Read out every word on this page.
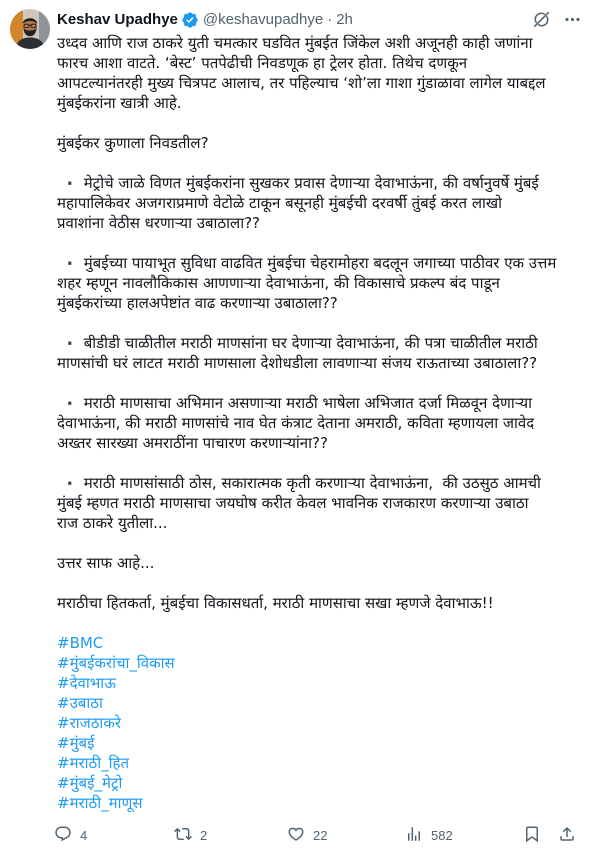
Keshav Upadhye @keshavupadhye · 2h
उध्दव आणि राज ठाकरे युती चमत्कार घडवित मुंबईत जिंकेल अशी अजूनही काही जणांना
फारच आशा वाटते. ‘बेस्ट’ पतपेढीची निवडणूक हा ट्रेलर होता. तिथेच दणकून
आपटल्यानंतरही मुख्य चित्रपट आलाच, तर पहिल्याच ‘शो’ला गाशा गुंडाळावा लागेल याबद्दल
मुंबईकरांना खात्री आहे.
मुंबईकर कुणाला निवडतील?
▪️ मेट्रोचे जाळे विणत मुंबईकरांना सुखकर प्रवास देणाऱ्या देवाभाऊंना, की वर्षानुवर्षे मुंबई
महापालिकेवर अजगराप्रमाणे वेटोळे टाकून बसूनही मुंबईची दरवर्षी तुंबई करत लाखो
प्रवाशांना वेठीस धरणाऱ्या उबाठाला??
▪️ मुंबईच्या पायाभूत सुविधा वाढवित मुंबईचा चेहरामोहरा बदलून जगाच्या पाठीवर एक उत्तम
शहर म्हणून नावलौकिकास आणणाऱ्या देवाभाऊंना, की विकासाचे प्रकल्प बंद पाडून
मुंबईकरांच्या हालअपेष्टांत वाढ करणाऱ्या उबाठाला??
▪️ बीडीडी चाळीतील मराठी माणसांना घर देणाऱ्या देवाभाऊंना, की पत्रा चाळीतील मराठी
माणसांची घरं लाटत मराठी माणसाला देशोधडीला लावणाऱ्या संजय राऊताच्या उबाठाला??
▪️ मराठी माणसाचा अभिमान असणाऱ्या मराठी भाषेला अभिजात दर्जा मिळवून देणाऱ्या
देवाभाऊंना, की मराठी माणसांचे नाव घेत कंत्राट देताना अमराठी, कविता म्हणायला जावेद
अख्तर सारख्या अमराठींना पाचारण करणाऱ्यांना??
▪️ मराठी माणसांसाठी ठोस, सकारात्मक कृती करणाऱ्या देवाभाऊंना,  की उठसुठ आमची
मुंबई म्हणत मराठी माणसाचा जयघोष करीत केवल भावनिक राजकारण करणाऱ्या उबाठा
राज ठाकरे युतीला...
उत्तर साफ आहे...
मराठीचा हितकर्ता, मुंबईचा विकासधर्ता, मराठी माणसाचा सखा म्हणजे देवाभाऊ!!
#BMC
#मुंबईकरांचा_विकास
#देवाभाऊ
#उबाठा
#राजठाकरे
#मुंबई
#मराठी_हित
#मुंबई_मेट्रो
#मराठी_माणूस
4	2	22	582
